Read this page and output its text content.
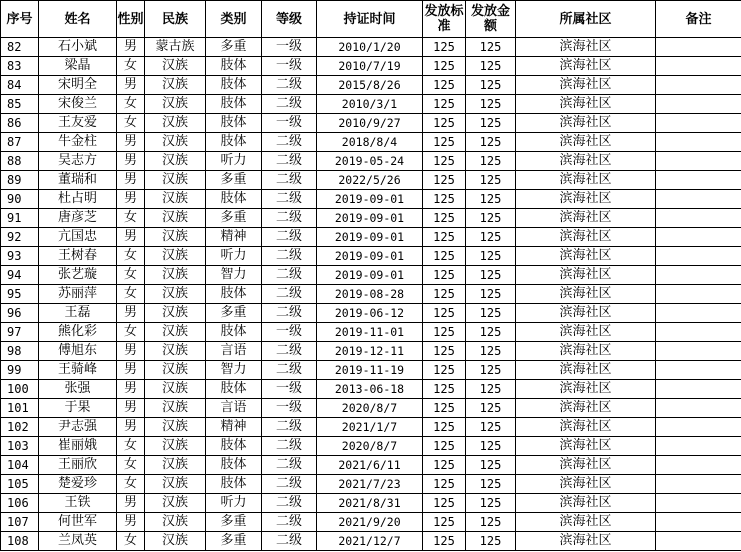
序号	姓名	性别	民族	类别	等级	持证时间	发放标准	发放金额	所属社区	备注
82	石小斌	男	蒙古族	多重	一级	2010/1/20	125	125	滨海社区	
83	梁晶	女	汉族	肢体	一级	2010/7/19	125	125	滨海社区	
84	宋明全	男	汉族	肢体	二级	2015/8/26	125	125	滨海社区	
85	宋俊兰	女	汉族	肢体	二级	2010/3/1	125	125	滨海社区	
86	王友爱	女	汉族	肢体	一级	2010/9/27	125	125	滨海社区	
87	牛金柱	男	汉族	肢体	二级	2018/8/4	125	125	滨海社区	
88	吴志方	男	汉族	听力	二级	2019-05-24	125	125	滨海社区	
89	董瑞和	男	汉族	多重	二级	2022/5/26	125	125	滨海社区	
90	杜占明	男	汉族	肢体	二级	2019-09-01	125	125	滨海社区	
91	唐彦芝	女	汉族	多重	二级	2019-09-01	125	125	滨海社区	
92	亢国忠	男	汉族	精神	二级	2019-09-01	125	125	滨海社区	
93	王树春	女	汉族	听力	二级	2019-09-01	125	125	滨海社区	
94	张艺璇	女	汉族	智力	二级	2019-09-01	125	125	滨海社区	
95	苏丽萍	女	汉族	肢体	二级	2019-08-28	125	125	滨海社区	
96	王磊	男	汉族	多重	二级	2019-06-12	125	125	滨海社区	
97	熊化彩	女	汉族	肢体	一级	2019-11-01	125	125	滨海社区	
98	傅旭东	男	汉族	言语	二级	2019-12-11	125	125	滨海社区	
99	王骑峰	男	汉族	智力	二级	2019-11-19	125	125	滨海社区	
100	张强	男	汉族	肢体	一级	2013-06-18	125	125	滨海社区	
101	于果	男	汉族	言语	一级	2020/8/7	125	125	滨海社区	
102	尹志强	男	汉族	精神	二级	2021/1/7	125	125	滨海社区	
103	崔丽娥	女	汉族	肢体	二级	2020/8/7	125	125	滨海社区	
104	王丽欣	女	汉族	肢体	二级	2021/6/11	125	125	滨海社区	
105	楚爱珍	女	汉族	肢体	二级	2021/7/23	125	125	滨海社区	
106	王铁	男	汉族	听力	二级	2021/8/31	125	125	滨海社区	
107	何世军	男	汉族	多重	二级	2021/9/20	125	125	滨海社区	
108	兰凤英	女	汉族	多重	二级	2021/12/7	125	125	滨海社区	
